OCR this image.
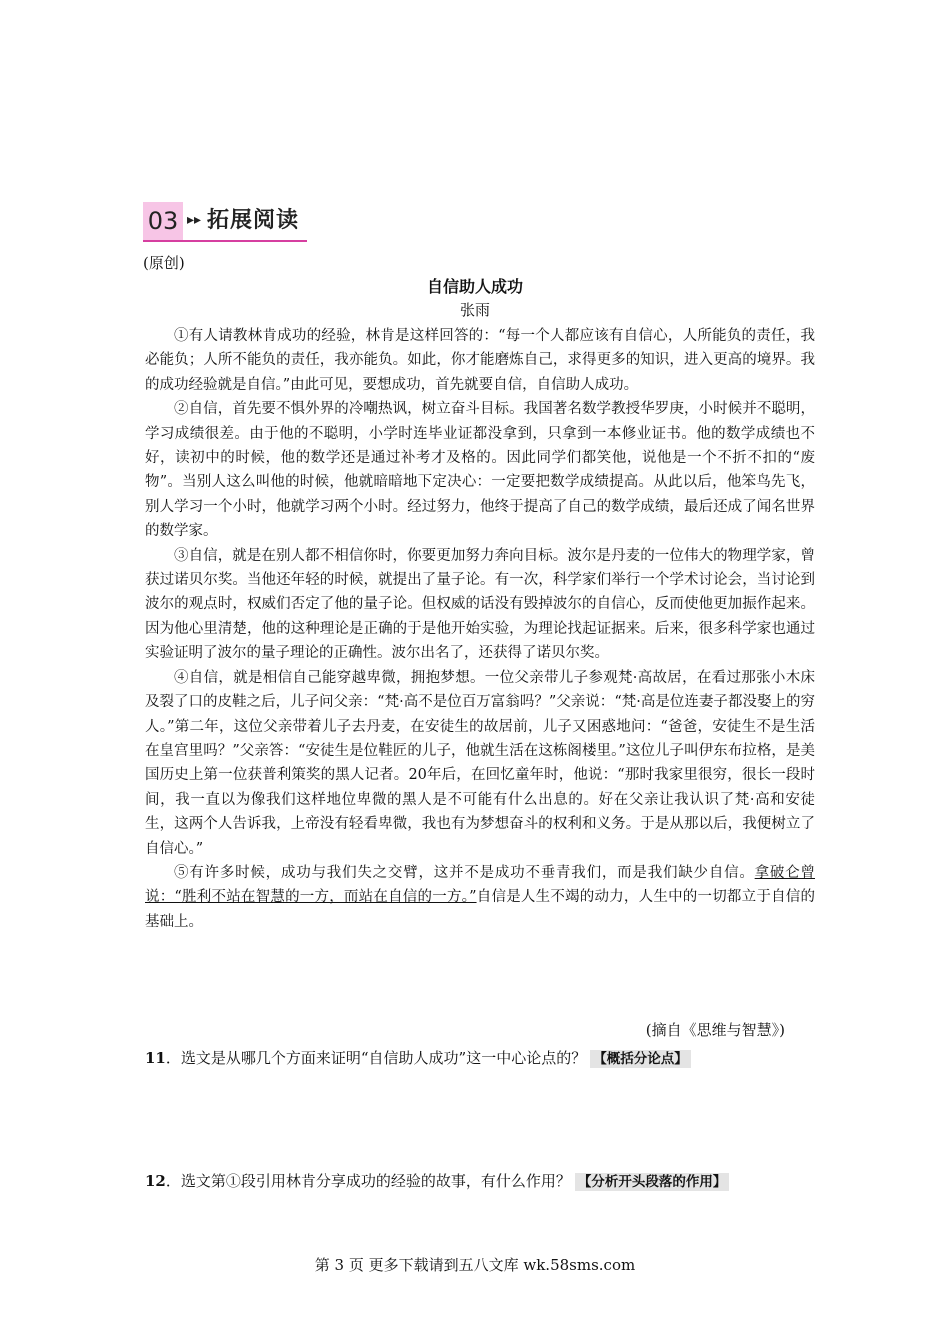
03 ▸▸ 拓展阅读
(原创)
自信助人成功
张雨

①有人请教林肯成功的经验，林肯是这样回答的：“每一个人都应该有自信心，人所能负的责任，我必能负；人所不能负的责任，我亦能负。如此，你才能磨炼自己，求得更多的知识，进入更高的境界。我的成功经验就是自信。”由此可见，要想成功，首先就要自信，自信助人成功。

②自信，首先要不惧外界的冷嘲热讽，树立奋斗目标。我国著名数学教授华罗庚，小时候并不聪明，学习成绩很差。由于他的不聪明，小学时连毕业证都没拿到，只拿到一本修业证书。他的数学成绩也不好，读初中的时候，他的数学还是通过补考才及格的。因此同学们都笑他，说他是一个不折不扣的“废物”。当别人这么叫他的时候，他就暗暗地下定决心：一定要把数学成绩提高。从此以后，他笨鸟先飞，别人学习一个小时，他就学习两个小时。经过努力，他终于提高了自己的数学成绩，最后还成了闻名世界的数学家。

③自信，就是在别人都不相信你时，你要更加努力奔向目标。波尔是丹麦的一位伟大的物理学家，曾获过诺贝尔奖。当他还年轻的时候，就提出了量子论。有一次，科学家们举行一个学术讨论会，当讨论到波尔的观点时，权威们否定了他的量子论。但权威的话没有毁掉波尔的自信心，反而使他更加振作起来。因为他心里清楚，他的这种理论是正确的于是他开始实验，为理论找起证据来。后来，很多科学家也通过实验证明了波尔的量子理论的正确性。波尔出名了，还获得了诺贝尔奖。

④自信，就是相信自己能穿越卑微，拥抱梦想。一位父亲带儿子参观梵·高故居，在看过那张小木床及裂了口的皮鞋之后，儿子问父亲：“梵·高不是位百万富翁吗？”父亲说：“梵·高是位连妻子都没娶上的穷人。”第二年，这位父亲带着儿子去丹麦，在安徒生的故居前，儿子又困惑地问：“爸爸，安徒生不是生活在皇宫里吗？”父亲答：“安徒生是位鞋匠的儿子，他就生活在这栋阁楼里。”这位儿子叫伊东布拉格，是美国历史上第一位获普利策奖的黑人记者。20年后，在回忆童年时，他说：“那时我家里很穷，很长一段时间，我一直以为像我们这样地位卑微的黑人是不可能有什么出息的。好在父亲让我认识了梵·高和安徒生，这两个人告诉我，上帝没有轻看卑微，我也有为梦想奋斗的权利和义务。于是从那以后，我便树立了自信心。”

⑤有许多时候，成功与我们失之交臂，这并不是成功不垂青我们，而是我们缺少自信。拿破仑曾说：“胜利不站在智慧的一方，而站在自信的一方。”自信是人生不竭的动力，人生中的一切都立于自信的基础上。

(摘自《思维与智慧》)
11．选文是从哪几个方面来证明“自信助人成功”这一中心论点的？ 【概括分论点】
12．选文第①段引用林肯分享成功的经验的故事，有什么作用？ 【分析开头段落的作用】
第 3 页 更多下载请到五八文库 wk.58sms.com
